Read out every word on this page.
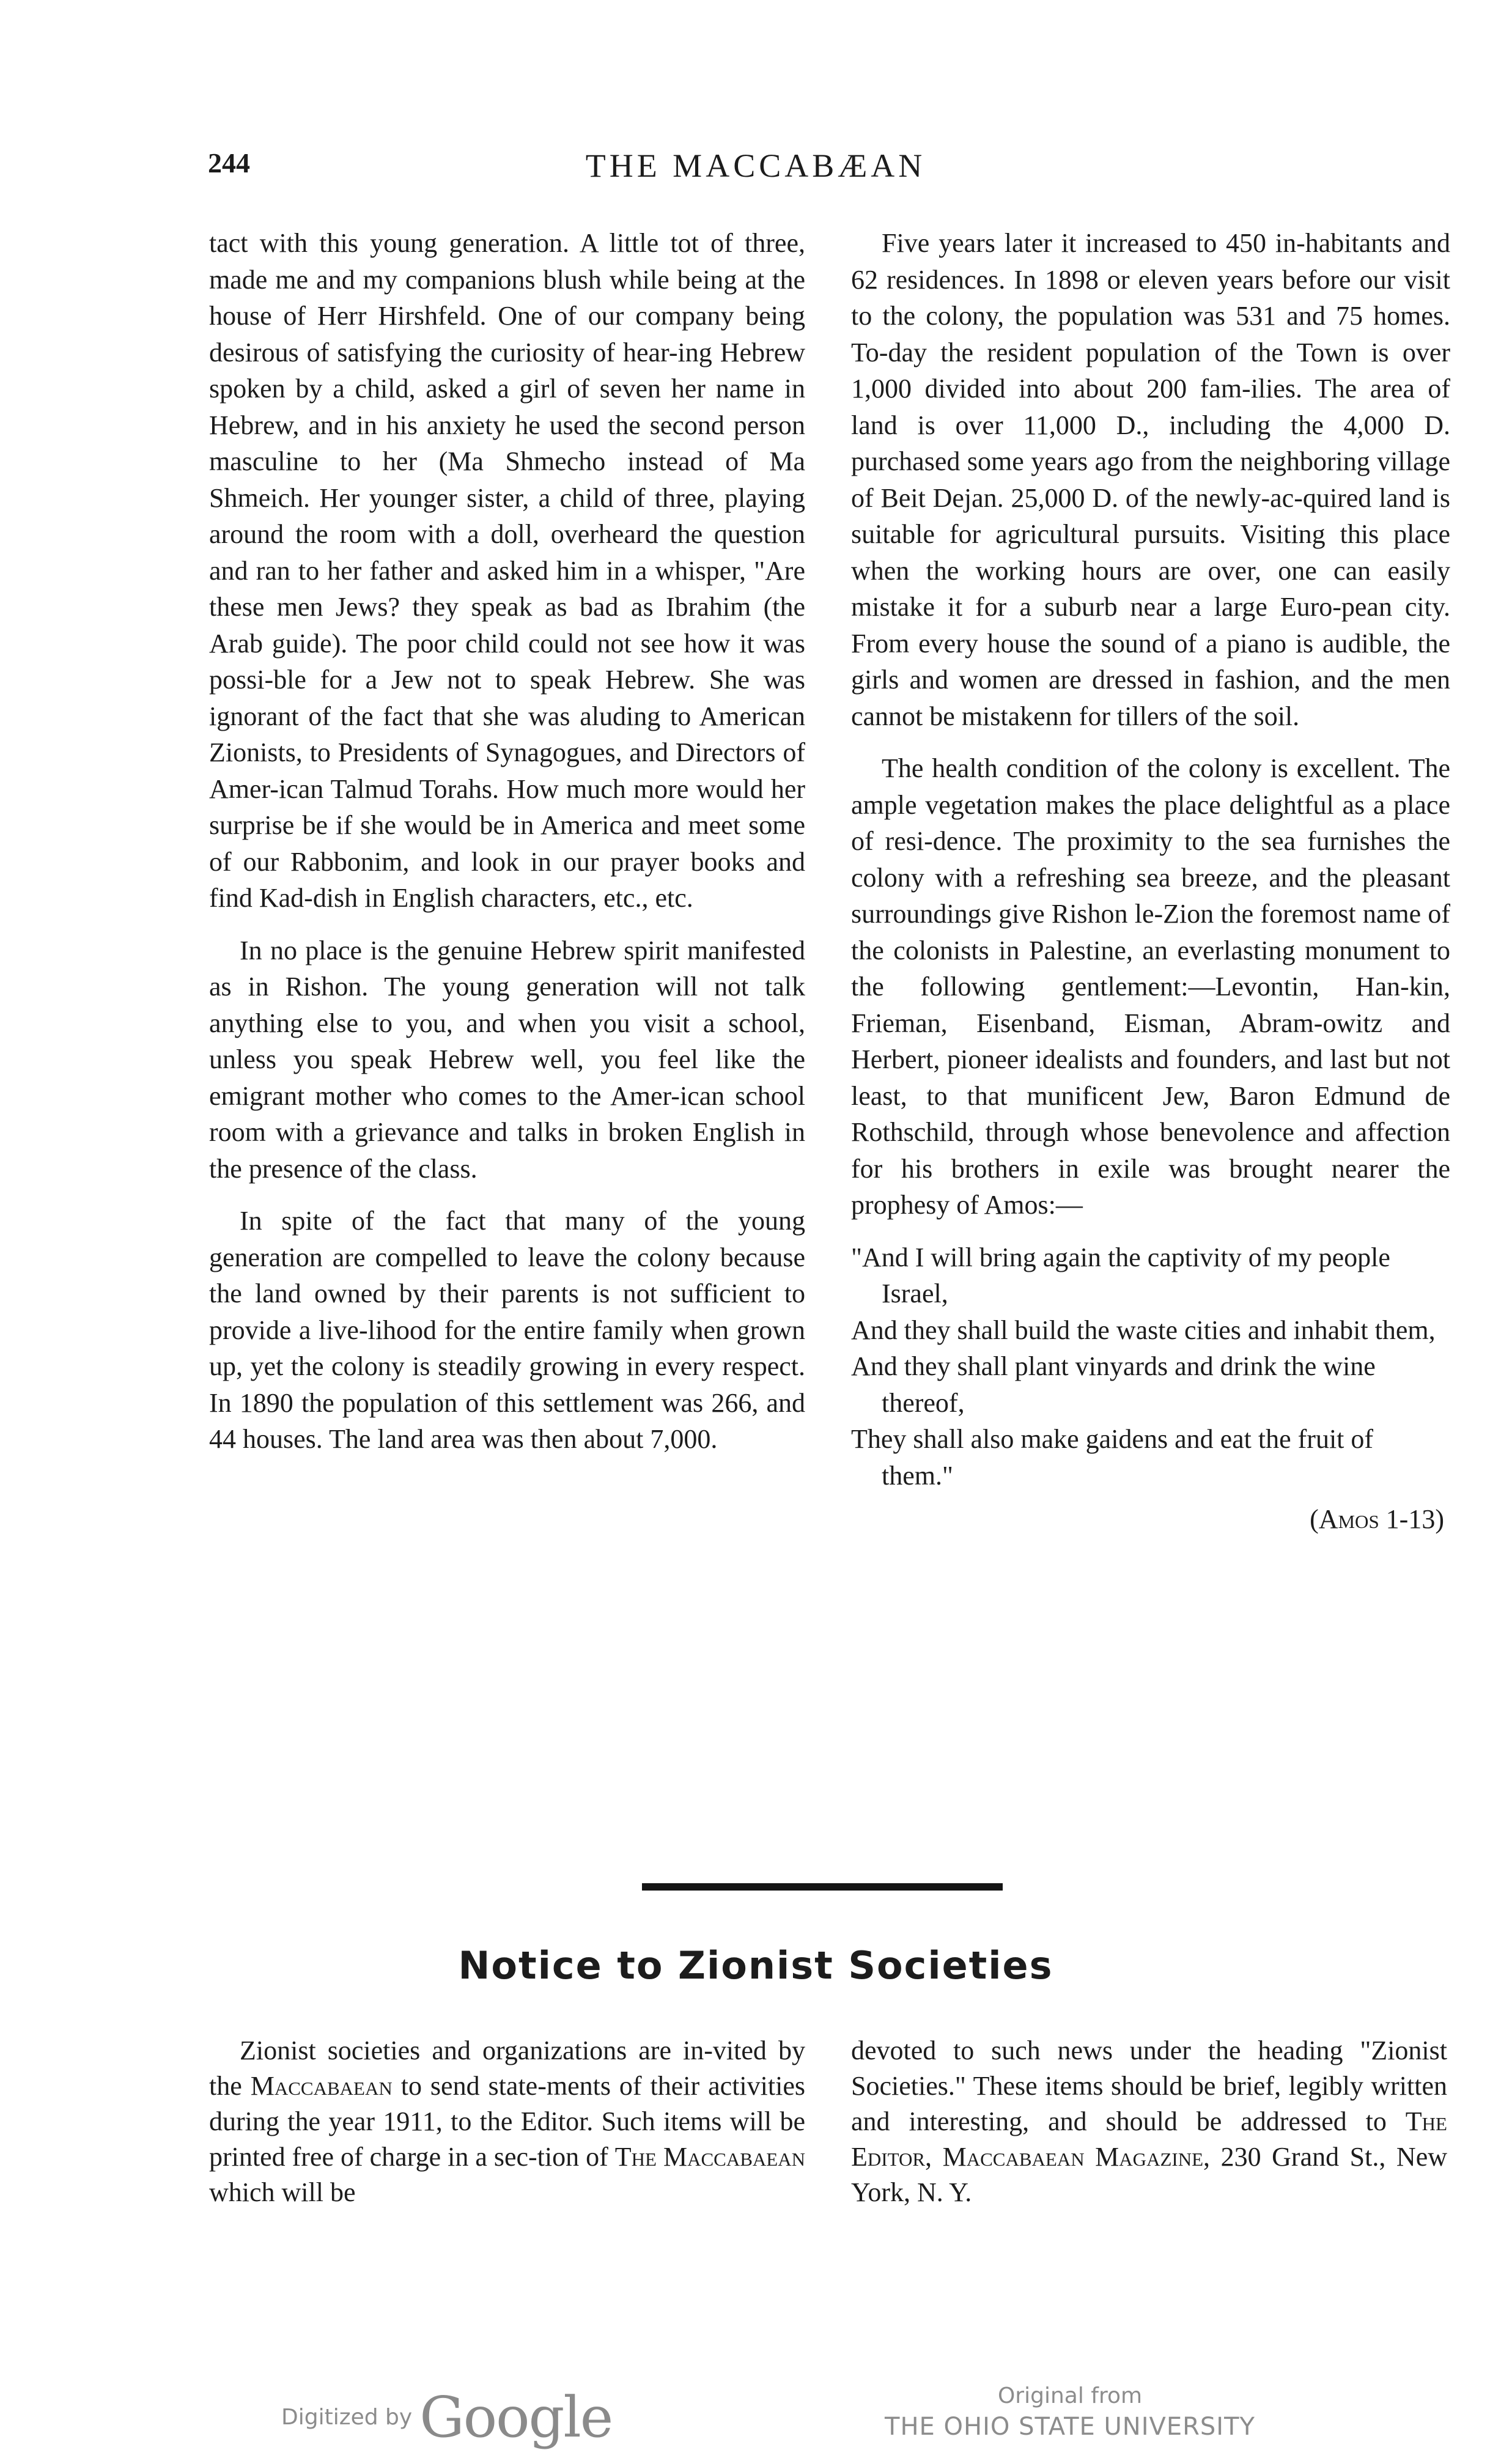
244	THE MACCABÆAN

tact with this young generation. A little tot of three, made me and my companions blush while being at the house of Herr Hirshfeld. One of our company being desirous of satisfying the curiosity of hear-ing Hebrew spoken by a child, asked a girl of seven her name in Hebrew, and in his anxiety he used the second person masculine to her (Ma Shmecho instead of Ma Shmeich. Her younger sister, a child of three, playing around the room with a doll, overheard the question and ran to her father and asked him in a whisper, "Are these men Jews? they speak as bad as Ibrahim (the Arab guide). The poor child could not see how it was possi-ble for a Jew not to speak Hebrew. She was ignorant of the fact that she was aluding to American Zionists, to Presidents of Synagogues, and Directors of Amer-ican Talmud Torahs. How much more would her surprise be if she would be in America and meet some of our Rabbonim, and look in our prayer books and find Kad-dish in English characters, etc., etc.

In no place is the genuine Hebrew spirit manifested as in Rishon. The young generation will not talk anything else to you, and when you visit a school, unless you speak Hebrew well, you feel like the emigrant mother who comes to the Amer-ican school room with a grievance and talks in broken English in the presence of the class.

In spite of the fact that many of the young generation are compelled to leave the colony because the land owned by their parents is not sufficient to provide a live-lihood for the entire family when grown up, yet the colony is steadily growing in every respect. In 1890 the population of this settlement was 266, and 44 houses. The land area was then about 7,000.

Five years later it increased to 450 in-habitants and 62 residences. In 1898 or eleven years before our visit to the colony, the population was 531 and 75 homes. To-day the resident population of the Town is over 1,000 divided into about 200 fam-ilies. The area of land is over 11,000 D., including the 4,000 D. purchased some years ago from the neighboring village of Beit Dejan. 25,000 D. of the newly-ac-quired land is suitable for agricultural pursuits. Visiting this place when the working hours are over, one can easily mistake it for a suburb near a large Euro-pean city. From every house the sound of a piano is audible, the girls and women are dressed in fashion, and the men cannot be mistakenn for tillers of the soil.

The health condition of the colony is excellent. The ample vegetation makes the place delightful as a place of resi-dence. The proximity to the sea furnishes the colony with a refreshing sea breeze, and the pleasant surroundings give Rishon le-Zion the foremost name of the colonists in Palestine, an everlasting monument to the following gentlement:—Levontin, Han-kin, Frieman, Eisenband, Eisman, Abram-owitz and Herbert, pioneer idealists and founders, and last but not least, to that munificent Jew, Baron Edmund de Rothschild, through whose benevolence and affection for his brothers in exile was brought nearer the prophesy of Amos:—

"And I will bring again the captivity of my people Israel,

And they shall build the waste cities and inhabit them,

And they shall plant vinyards and drink the wine thereof,

They shall also make gaidens and eat the fruit of them."

(Amos 1-13)
Notice to Zionist Societies

Zionist societies and organizations are in-vited by the Maccabaean to send state-ments of their activities during the year 1911, to the Editor. Such items will be printed free of charge in a sec-tion of The Maccabaean which will be

devoted to such news under the heading "Zionist Societies." These items should be brief, legibly written and interesting, and should be addressed to The Editor, Maccabaean Magazine, 230 Grand St., New York, N. Y.

Digitized by Google	Original from
THE OHIO STATE UNIVERSITY
